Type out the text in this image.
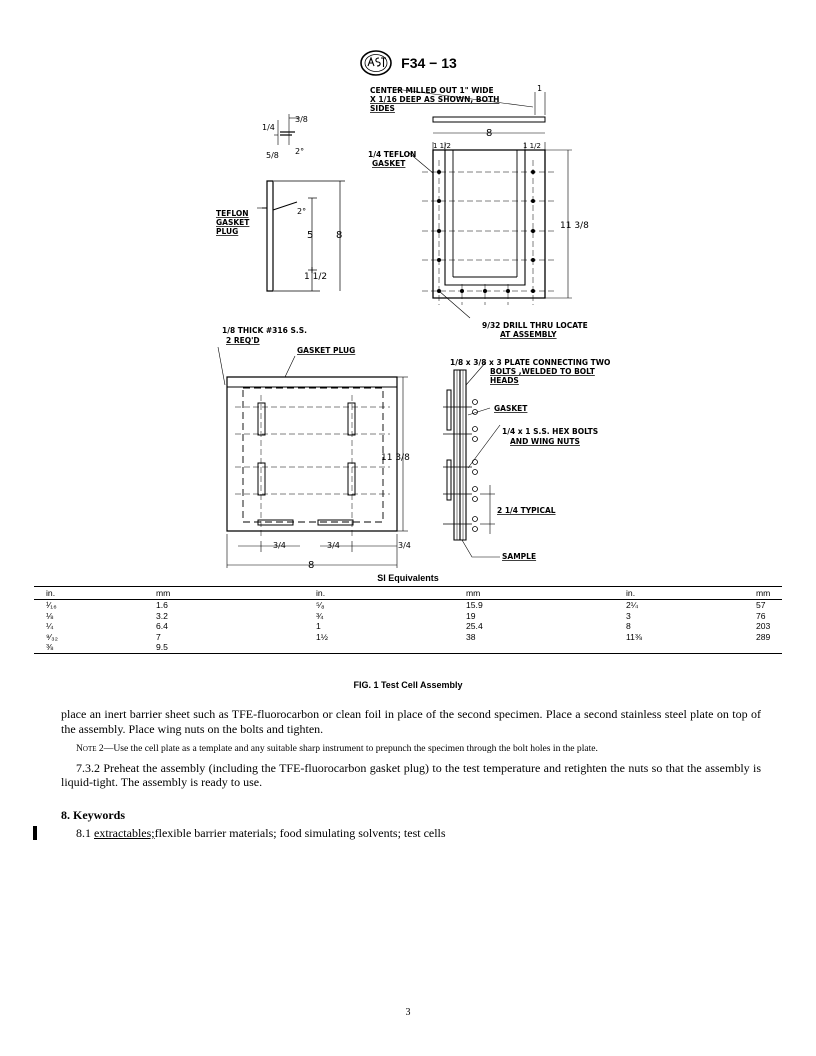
F34 − 13
CENTER MILLED OUT 1" WIDE
X 1/16 DEEP AS SHOWN, BOTH
SIDES
1/4 TEFLON
GASKET
TEFLON
GASKET
PLUG
9/32 DRILL THRU LOCATE
AT ASSEMBLY
1/8 THICK #316 S.S.
2 REQ'D
GASKET PLUG
1/8 x 3/8 x 3 PLATE CONNECTING TWO
BOLTS ,WELDED TO BOLT
HEADS
GASKET
1/4 x 1 S.S. HEX BOLTS
AND WING NUTS
2 1/4 TYPICAL
SAMPLE
3/8
1/4
5/8 2°
2°
5 8
1 1/2
8
1
1 1/2	1 1/2
11 3/8
11 3/8
3/4	3/4	3/4
8
SI Equivalents
in.	mm	in.	mm	in.	mm
¹⁄₁₆	1.6	⁵⁄₈	15.9	2¼	57
⅛	3.2	¾	19	3	76
¼	6.4	1	25.4	8	203
⁹⁄₃₂	7	1½	38	11⅜	289
⅜	9.5				
FIG. 1 Test Cell Assembly

place an inert barrier sheet such as TFE-fluorocarbon or clean foil in place of the second specimen. Place a second stainless steel plate on top of the assembly. Place wing nuts on the bolts and tighten.

Note 2—Use the cell plate as a template and any suitable sharp instrument to prepunch the specimen through the bolt holes in the plate.

7.3.2 Preheat the assembly (including the TFE-fluorocarbon gasket plug) to the test temperature and retighten the nuts so that the assembly is liquid-tight. The assembly is ready to use.

8. Keywords
8.1 extractables;flexible barrier materials; food simulating solvents; test cells
3
